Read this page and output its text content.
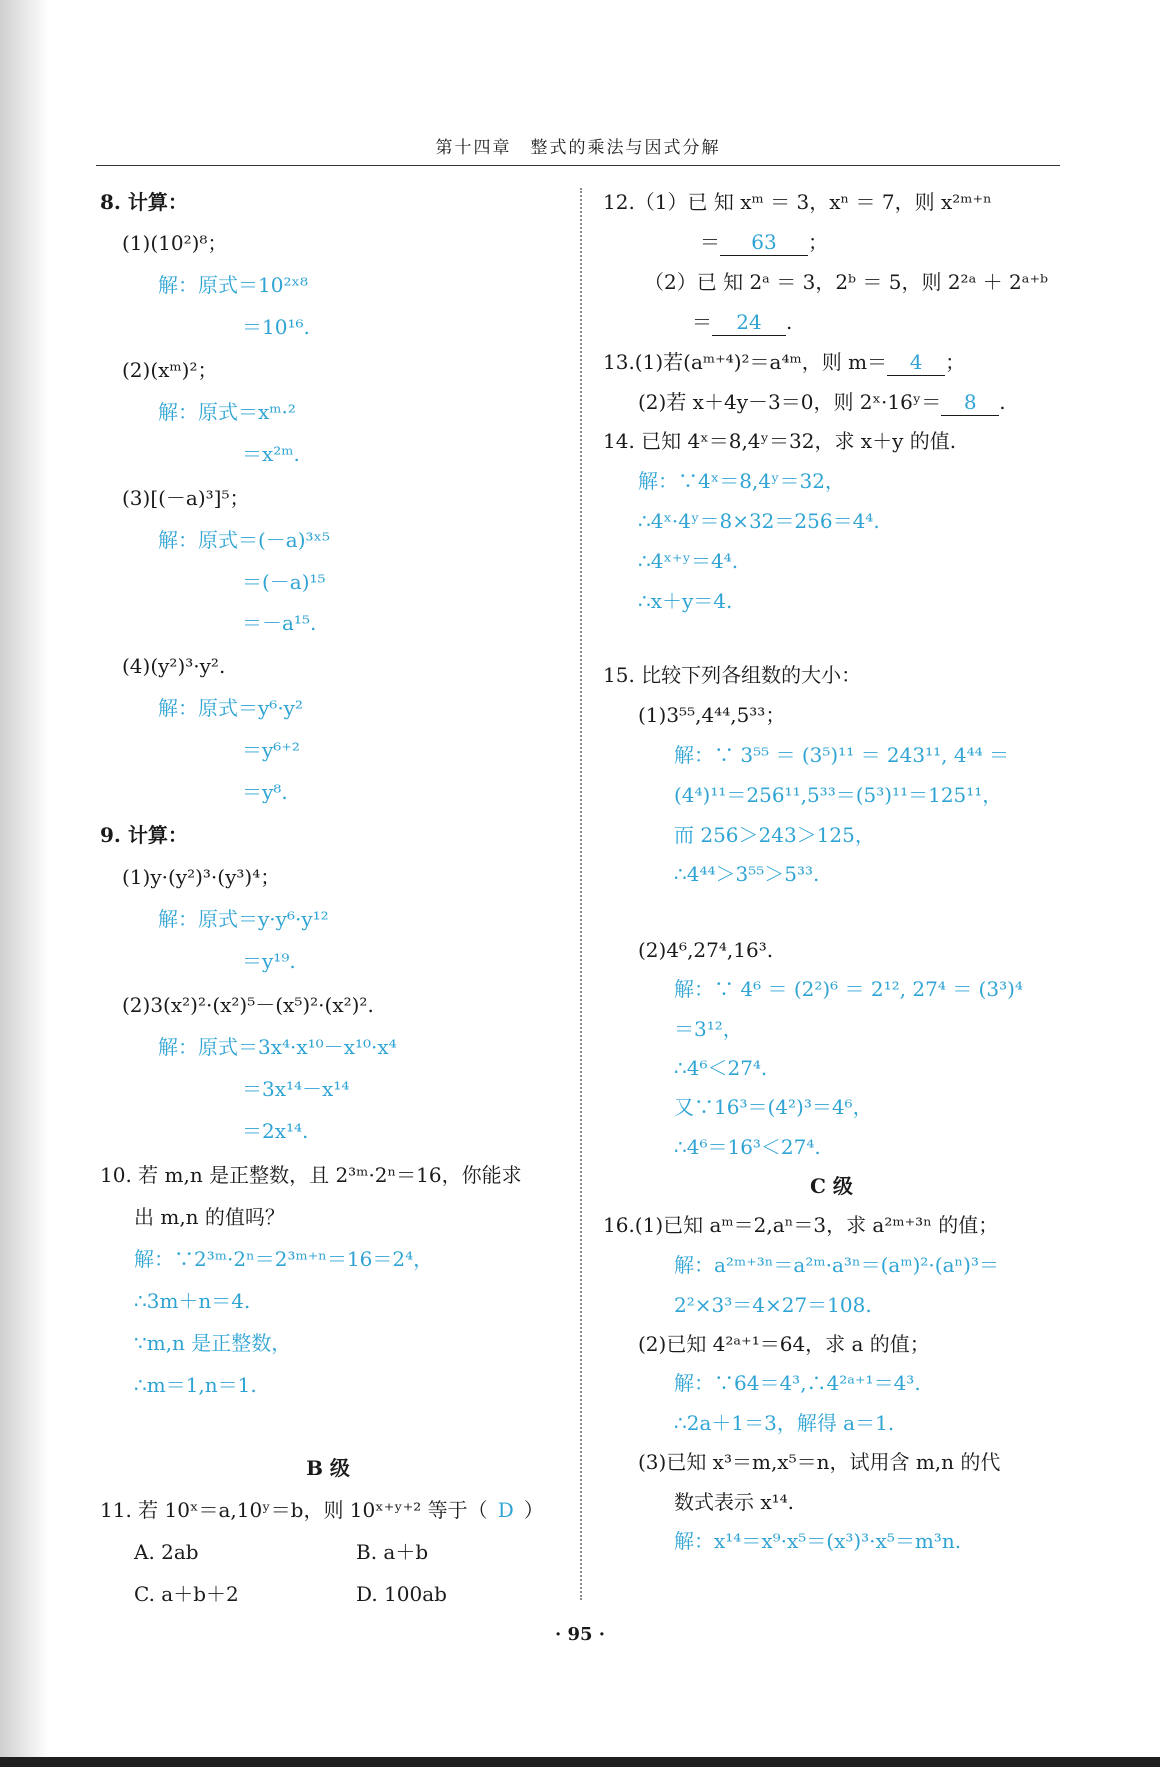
第十四章　整式的乘法与因式分解
8. 计算：
(1)(10²)⁸；
解：原式＝10²ˣ⁸
＝10¹⁶.
(2)(xᵐ)²；
解：原式＝xᵐ·²
＝x²ᵐ.
(3)[(－a)³]⁵；
解：原式＝(－a)³ˣ⁵
＝(－a)¹⁵
＝－a¹⁵.
(4)(y²)³·y².
解：原式＝y⁶·y²
＝y⁶⁺²
＝y⁸.
9. 计算：
(1)y·(y²)³·(y³)⁴；
解：原式＝y·y⁶·y¹²
＝y¹⁹.
(2)3(x²)²·(x²)⁵－(x⁵)²·(x²)².
解：原式＝3x⁴·x¹⁰－x¹⁰·x⁴
＝3x¹⁴－x¹⁴
＝2x¹⁴.
10. 若 m,n 是正整数，且 2³ᵐ·2ⁿ＝16，你能求
出 m,n 的值吗？
解：∵2³ᵐ·2ⁿ＝2³ᵐ⁺ⁿ＝16＝2⁴，
∴3m＋n＝4.
∵m,n 是正整数，
∴m＝1,n＝1.
B 级
11. 若 10ˣ＝a,10ʸ＝b，则 10ˣ⁺ʸ⁺² 等于（ D ）
A. 2ab	B. a＋b
C. a＋b＋2	D. 100ab
12.（1）已 知 xᵐ ＝ 3，xⁿ ＝ 7，则 x²ᵐ⁺ⁿ
＝ 63 ；
（2）已 知 2ᵃ ＝ 3，2ᵇ ＝ 5，则 2²ᵃ ＋ 2ᵃ⁺ᵇ
＝ 24 .
13.(1)若(aᵐ⁺⁴)²＝a⁴ᵐ，则 m＝ 4 ；
(2)若 x＋4y－3＝0，则 2ˣ·16ʸ＝ 8 .
14. 已知 4ˣ＝8,4ʸ＝32，求 x＋y 的值.
解：∵4ˣ＝8,4ʸ＝32，
∴4ˣ·4ʸ＝8×32＝256＝4⁴.
∴4ˣ⁺ʸ＝4⁴.
∴x＋y＝4.
15. 比较下列各组数的大小：
(1)3⁵⁵,4⁴⁴,5³³；
解：∵ 3⁵⁵ ＝ (3⁵)¹¹ ＝ 243¹¹, 4⁴⁴ ＝
(4⁴)¹¹＝256¹¹,5³³＝(5³)¹¹＝125¹¹，
而 256＞243＞125，
∴4⁴⁴＞3⁵⁵＞5³³.
(2)4⁶,27⁴,16³.
解：∵ 4⁶ ＝ (2²)⁶ ＝ 2¹², 27⁴ ＝ (3³)⁴
＝3¹²，
∴4⁶＜27⁴.
又∵16³＝(4²)³＝4⁶，
∴4⁶＝16³＜27⁴.
C 级
16.(1)已知 aᵐ＝2,aⁿ＝3，求 a²ᵐ⁺³ⁿ 的值；
解：a²ᵐ⁺³ⁿ＝a²ᵐ·a³ⁿ＝(aᵐ)²·(aⁿ)³＝
2²×3³＝4×27＝108.
(2)已知 4²ᵃ⁺¹＝64，求 a 的值；
解：∵64＝4³,∴4²ᵃ⁺¹＝4³.
∴2a＋1＝3，解得 a＝1.
(3)已知 x³＝m,x⁵＝n，试用含 m,n 的代
数式表示 x¹⁴.
解：x¹⁴＝x⁹·x⁵＝(x³)³·x⁵＝m³n.
· 95 ·
